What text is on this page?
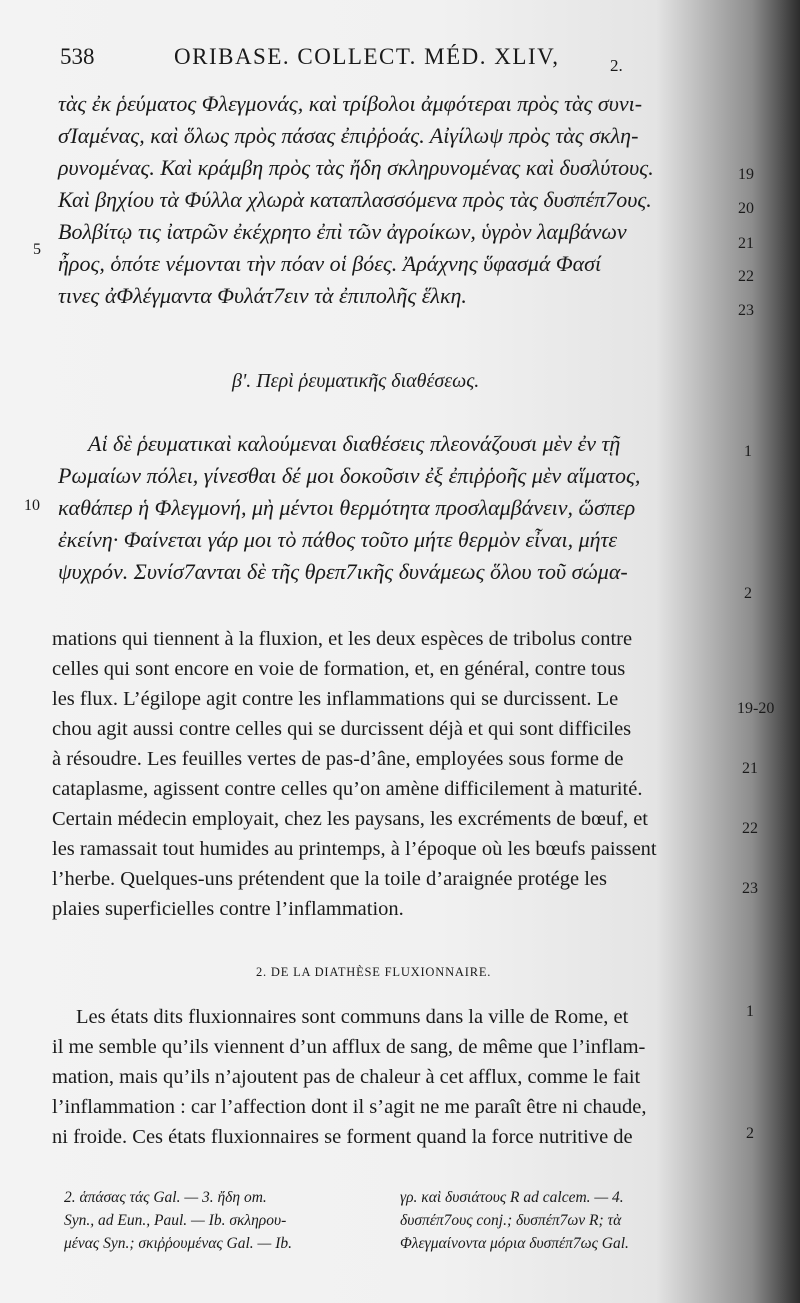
538	ORIBASE. COLLECT. MÉD. XLIV,	2.
τὰς ἐκ ῥεύματος Φλεγμονάς, καὶ τρίβολοι ἀμφότεραι πρὸς τὰς συνι-
σΊαμένας, καὶ ὅλως πρὸς πάσας ἐπιῤῥοάς. Αἰγίλωψ πρὸς τὰς σκλη-
ρυνομένας. Καὶ κράμβη πρὸς τὰς ἤδη σκληρυνομένας καὶ δυσλύτους.
Καὶ βηχίου τὰ Φύλλα χλωρὰ καταπλασσόμενα πρὸς τὰς δυσπέπ7ους.
Βολβίτῳ τις ἰατρῶν ἐκέχρητο ἐπὶ τῶν ἀγροίκων, ὑγρὸν λαμβάνων
ἦρος, ὁπότε νέμονται τὴν πόαν οἱ βόες. Ἀράχνης ὕφασμά Φασί
τινες ἀΦλέγμαντα Φυλάτ7ειν τὰ ἐπιπολῆς ἕλκη.
5
19
20
21
22
23
β'. Περὶ ῥευματικῆς διαθέσεως.
Αἱ δὲ ῥευματικαὶ καλούμεναι διαθέσεις πλεονάζουσι μὲν ἐν τῇ
Ρωμαίων πόλει, γίνεσθαι δέ μοι δοκοῦσιν ἐξ ἐπιῤῥοῆς μὲν αἵματος,
καθάπερ ἡ Φλεγμονή, μὴ μέντοι θερμότητα προσλαμβάνειν, ὥσπερ
ἐκείνη· Φαίνεται γάρ μοι τὸ πάθος τοῦτο μήτε θερμὸν εἶναι, μήτε
ψυχρόν. Συνίσ7ανται δὲ τῆς θρεπ7ικῆς δυνάμεως ὅλου τοῦ σώμα-
10
1
2
mations qui tiennent à la fluxion, et les deux espèces de tribolus contre
celles qui sont encore en voie de formation, et, en général, contre tous
les flux. L’égilope agit contre les inflammations qui se durcissent. Le
chou agit aussi contre celles qui se durcissent déjà et qui sont difficiles
à résoudre. Les feuilles vertes de pas-d’âne, employées sous forme de
cataplasme, agissent contre celles qu’on amène difficilement à maturité.
Certain médecin employait, chez les paysans, les excréments de bœuf, et
les ramassait tout humides au printemps, à l’époque où les bœufs paissent
l’herbe. Quelques-uns prétendent que la toile d’araignée protége les
plaies superficielles contre l’inflammation.
19-20
21
22
23
2. DE LA DIATHÈSE FLUXIONNAIRE.
Les états dits fluxionnaires sont communs dans la ville de Rome, et
il me semble qu’ils viennent d’un afflux de sang, de même que l’inflam-
mation, mais qu’ils n’ajoutent pas de chaleur à cet afflux, comme le fait
l’inflammation : car l’affection dont il s’agit ne me paraît être ni chaude,
ni froide. Ces états fluxionnaires se forment quand la force nutritive de
1
2
2. ἁπάσας τάς Gal. — 3. ἤδη om.
Syn., ad Eun., Paul. — Ib. σκληρου-
μένας Syn.; σκιῤῥουμένας Gal. — Ib.
γρ. καὶ δυσιάτους R ad calcem. — 4.
δυσπέπ7ους conj.; δυσπέπ7ων R; τὰ
Φλεγμαίνοντα μόρια δυσπέπ7ως Gal.
